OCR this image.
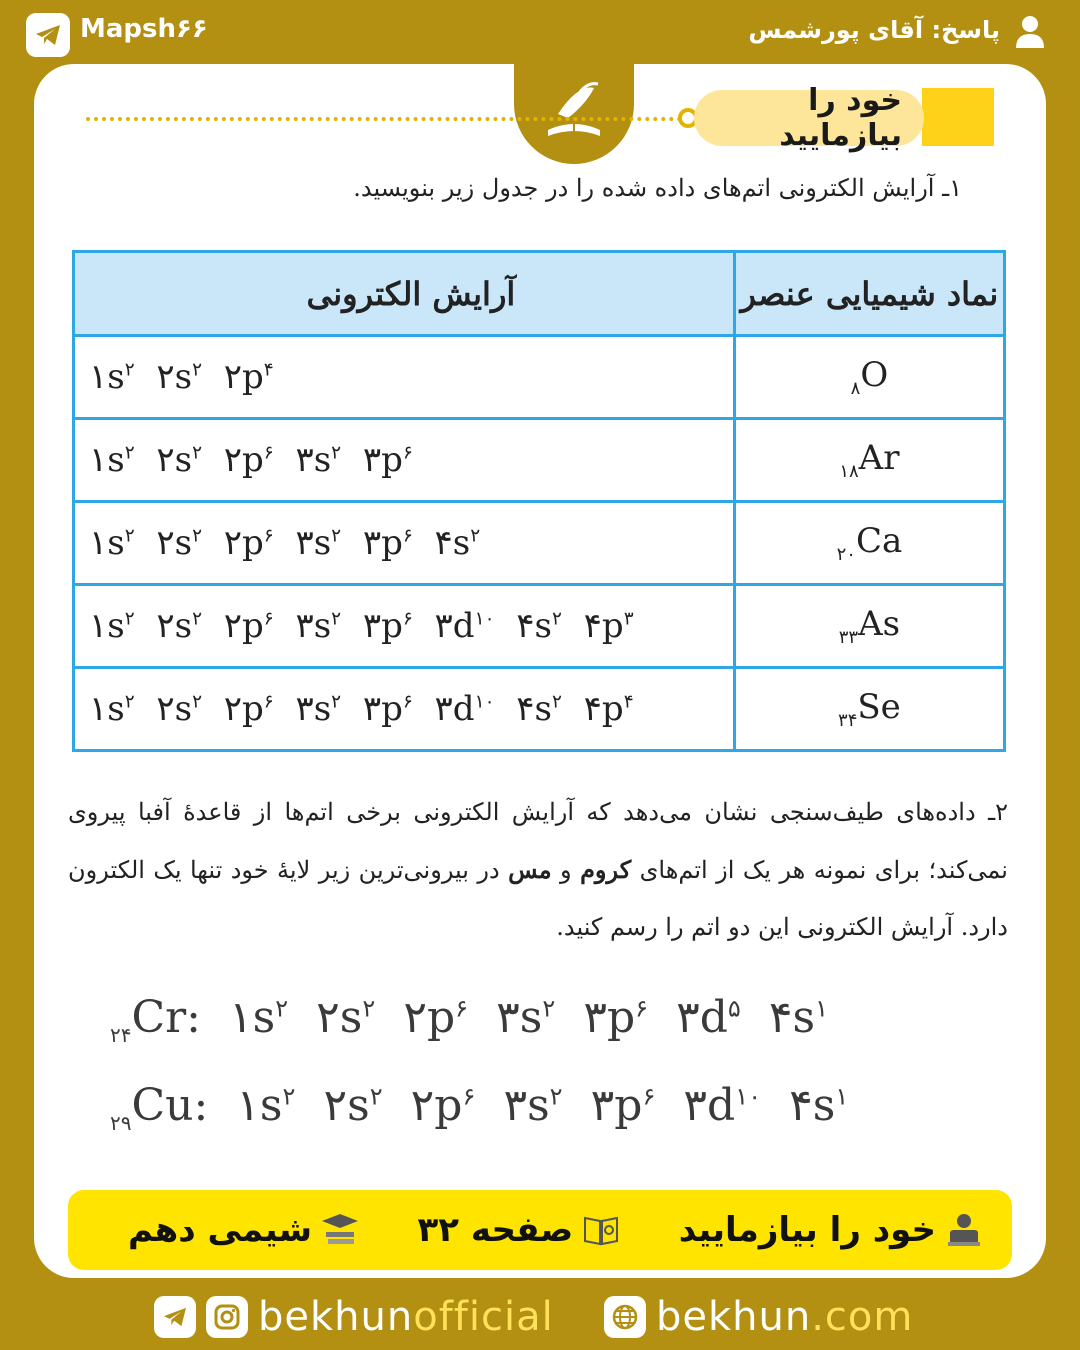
Mapsh۶۶	پاسخ: آقای پورشمس
خود را بیازمایید
۱ـ آرایش الکترونی اتم‌های داده شده را در جدول زیر بنویسید.
آرایش الکترونی	نماد شیمیایی عنصر
$۱s^۲$  $۲s^۲$  $۲p^۴$	$_۸$O
$۱s^۲$  $۲s^۲$  $۲p^۶$  $۳s^۲$  $۳p^۶$	$_{۱۸}$Ar
$۱s^۲$  $۲s^۲$  $۲p^۶$  $۳s^۲$  $۳p^۶$  $۴s^۲$	$_{۲۰}$Ca
$۱s^۲$  $۲s^۲$  $۲p^۶$  $۳s^۲$  $۳p^۶$  $۳d^{۱۰}$  $۴s^۲$  $۴p^۳$	$_{۳۳}$As
$۱s^۲$  $۲s^۲$  $۲p^۶$  $۳s^۲$  $۳p^۶$  $۳d^{۱۰}$  $۴s^۲$  $۴p^۴$	$_{۳۴}$Se
۲ـ داده‌های طیف‌سنجی نشان می‌دهد که آرایش الکترونی برخی اتم‌ها از قاعدهٔ آفبا پیروی نمی‌کند؛ برای نمونه هر یک از اتم‌های کروم و مس در بیرونی‌ترین زیر لایهٔ خود تنها یک الکترون دارد. آرایش الکترونی این دو اتم را رسم کنید.
$_{۲۴}$Cr:  $۱s^۲$  $۲s^۲$  $۲p^۶$  $۳s^۲$  $۳p^۶$  $۳d^۵$  $۴s^۱$
$_{۲۹}$Cu:  $۱s^۲$  $۲s^۲$  $۲p^۶$  $۳s^۲$  $۳p^۶$  $۳d^{۱۰}$  $۴s^۱$
خود را بیازمایید
صفحه ۳۲
شیمی دهم
bekhunofficial	bekhun.com
